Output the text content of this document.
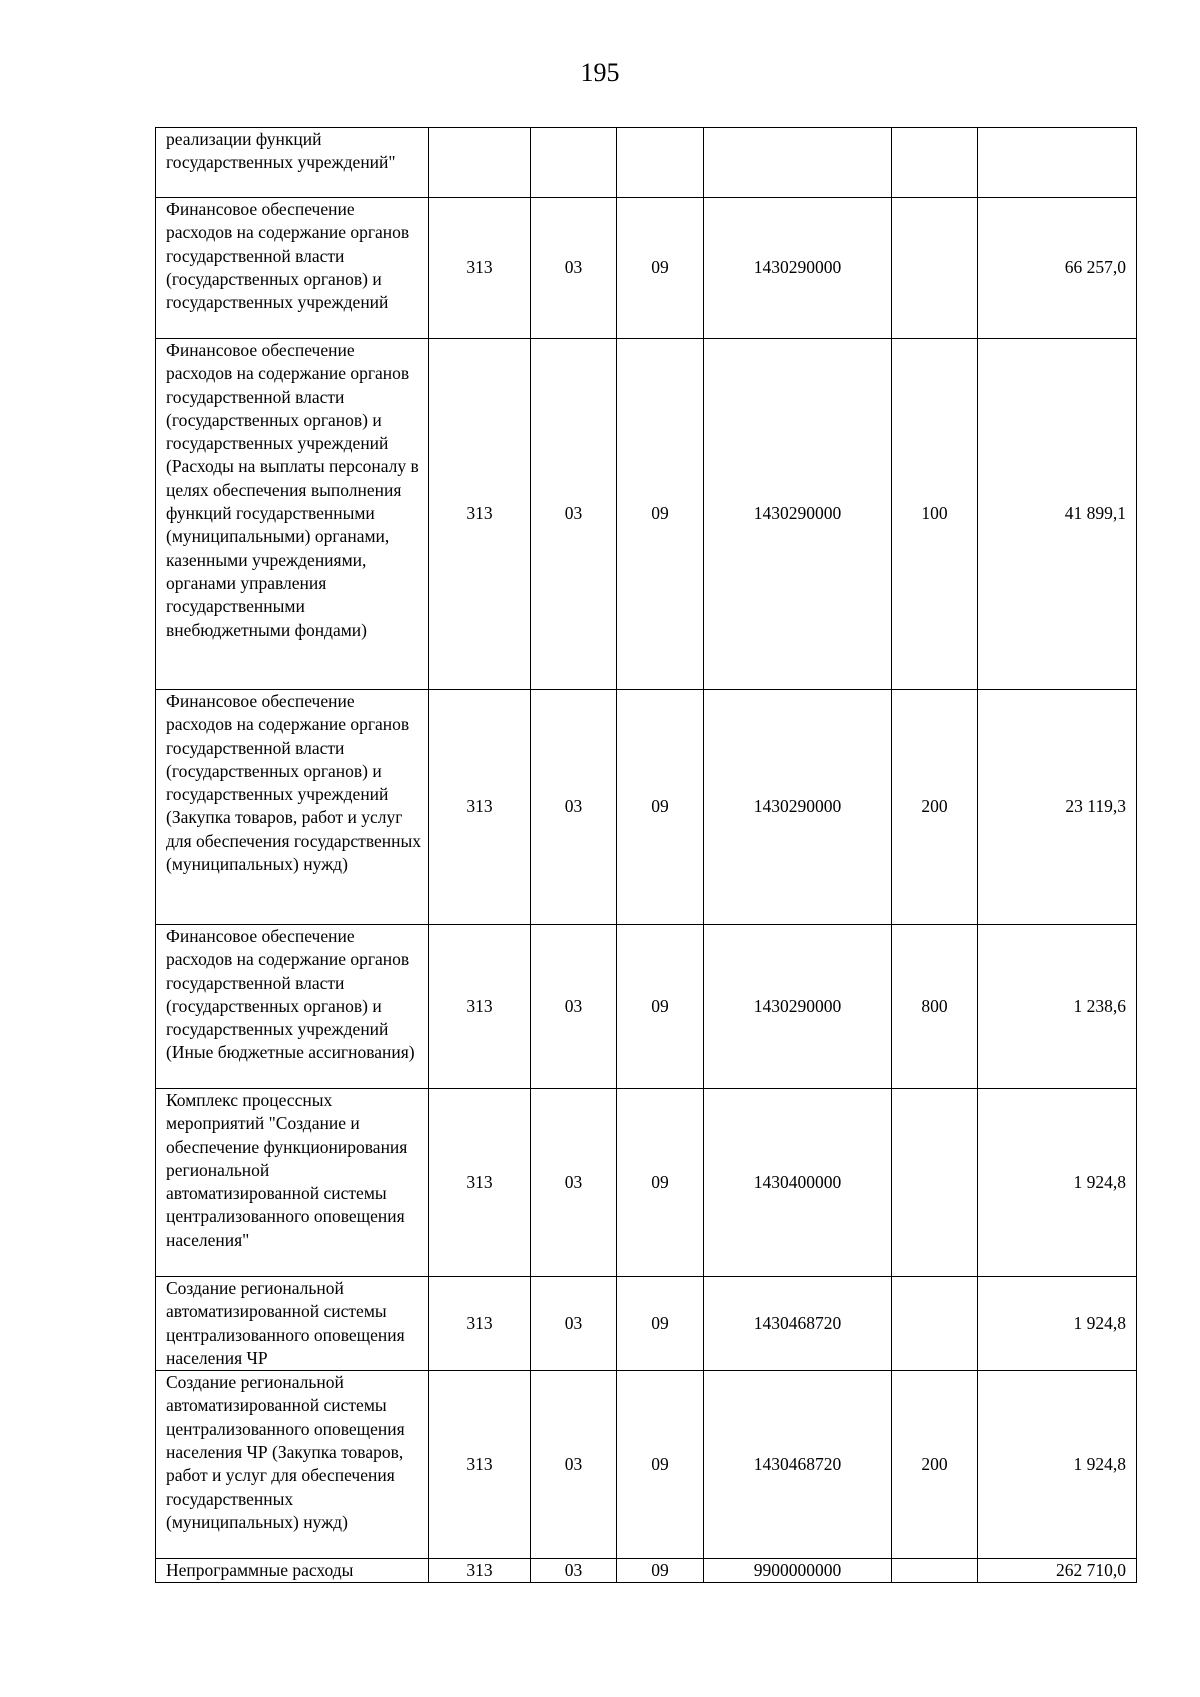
195
реализации функций государственных учреждений"						
Финансовое обеспечение расходов на содержание органов государственной власти (государственных органов) и государственных учреждений	313	03	09	1430290000		66 257,0
Финансовое обеспечение расходов на содержание органов государственной власти (государственных органов) и государственных учреждений (Расходы на выплаты персоналу в целях обеспечения выполнения функций государственными (муниципальными) органами, казенными учреждениями, органами управления государственными внебюджетными фондами)	313	03	09	1430290000	100	41 899,1
Финансовое обеспечение расходов на содержание органов государственной власти (государственных органов) и государственных учреждений (Закупка товаров, работ и услуг для обеспечения государственных (муниципальных) нужд)	313	03	09	1430290000	200	23 119,3
Финансовое обеспечение расходов на содержание органов государственной власти (государственных органов) и государственных учреждений (Иные бюджетные ассигнования)	313	03	09	1430290000	800	1 238,6
Комплекс процессных мероприятий "Создание и обеспечение функционирования региональной автоматизированной системы централизованного оповещения населения"	313	03	09	1430400000		1 924,8
Создание региональной автоматизированной системы централизованного оповещения населения ЧР	313	03	09	1430468720		1 924,8
Создание региональной автоматизированной системы централизованного оповещения населения ЧР (Закупка товаров, работ и услуг для обеспечения государственных (муниципальных) нужд)	313	03	09	1430468720	200	1 924,8
Непрограммные расходы	313	03	09	9900000000		262 710,0
